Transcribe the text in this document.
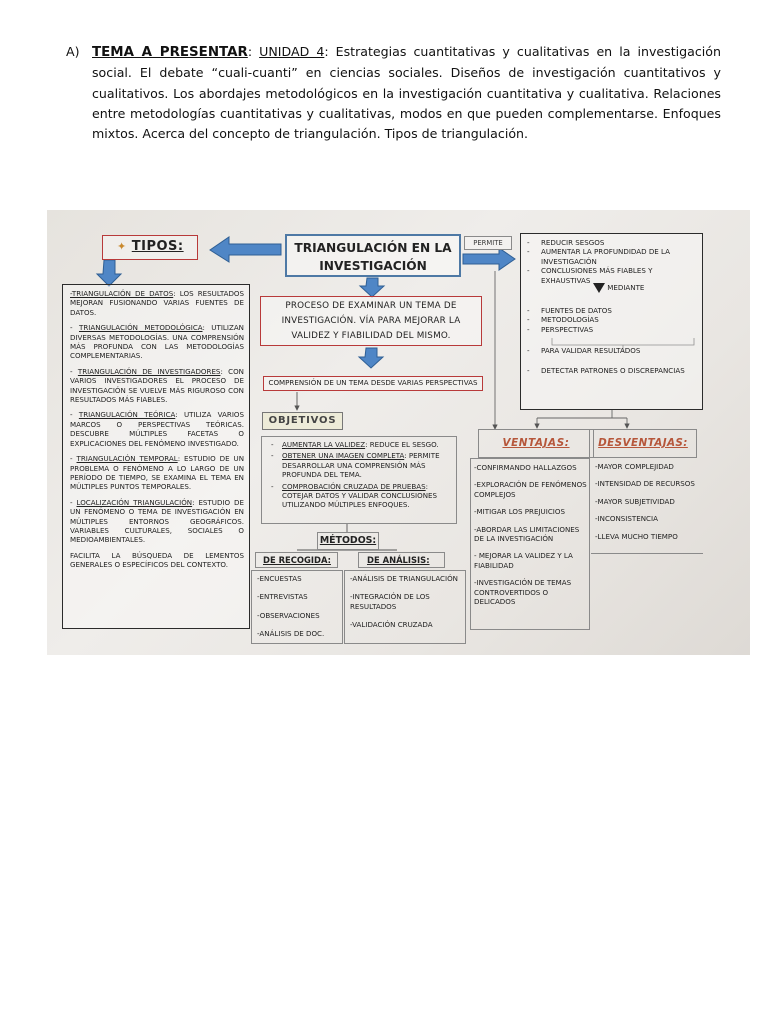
A) TEMA A PRESENTAR: UNIDAD 4: Estrategias cuantitativas y cualitativas en la investigación social. El debate “cuali-cuanti” en ciencias sociales. Diseños de investigación cuantitativos y cualitativos. Los abordajes metodológicos en la investigación cuantitativa y cualitativa. Relaciones entre metodologías cuantitativas y cualitativas, modos en que pueden complementarse. Enfoques mixtos. Acerca del concepto de triangulación. Tipos de triangulación.
TRIANGULACIÓN EN LA INVESTIGACIÓN
✦ TIPOS:	PERMITE
PROCESO DE EXAMINAR UN TEMA DE INVESTIGACIÓN. VÍA PARA MEJORAR LA VALIDEZ Y FIABILIDAD DEL MISMO.
COMPRENSIÓN DE UN TEMA DESDE VARIAS PERSPECTIVAS
OBJETIVOS
- AUMENTAR LA VALIDEZ: REDUCE EL SESGO.
- OBTENER UNA IMAGEN COMPLETA: PERMITE DESARROLLAR UNA COMPRENSIÓN MÁS PROFUNDA DEL TEMA.
- COMPROBACIÓN CRUZADA DE PRUEBAS: COTEJAR DATOS Y VALIDAR CONCLUSIONES UTILIZANDO MÚLTIPLES ENFOQUES.
MÉTODOS:
DE RECOGIDA:	DE ANÁLISIS:
-ENCUESTAS
-ENTREVISTAS
-OBSERVACIONES
-ANÁLISIS DE DOC.
-ANÁLISIS DE TRIANGULACIÓN
-INTEGRACIÓN DE LOS RESULTADOS
-VALIDACIÓN CRUZADA

-TRIANGULACIÓN DE DATOS: LOS RESULTADOS MEJORAN FUSIONANDO VARIAS FUENTES DE DATOS.

- TRIANGULACIÓN METODOLÓGICA: UTILIZAN DIVERSAS METODOLOGÍAS. UNA COMPRENSIÓN MÁS PROFUNDA CON LAS METODOLOGÍAS COMPLEMENTARIAS.

- TRIANGULACIÓN DE INVESTIGADORES: CON VARIOS INVESTIGADORES EL PROCESO DE INVESTIGACIÓN SE VUELVE MÁS RIGUROSO CON RESULTADOS MÁS FIABLES.

- TRIANGULACIÓN TEÓRICA: UTILIZA VARIOS MARCOS O PERSPECTIVAS TEÓRICAS. DESCUBRE MÚLTIPLES FACETAS O EXPLICACIONES DEL FENÓMENO INVESTIGADO.

- TRIANGULACIÓN TEMPORAL: ESTUDIO DE UN PROBLEMA O FENÓMENO A LO LARGO DE UN PERÍODO DE TIEMPO, SE EXAMINA EL TEMA EN MÚLTIPLES PUNTOS TEMPORALES.

- LOCALIZACIÓN TRIANGULACIÓN: ESTUDIO DE UN FENÓMENO O TEMA DE INVESTIGACIÓN EN MÚLTIPLES ENTORNOS GEOGRÁFICOS. VARIABLES CULTURALES, SOCIALES O MEDIOAMBIENTALES.

FACILITA LA BÚSQUEDA DE LEMENTOS GENERALES O ESPECÍFICOS DEL CONTEXTO.

- REDUCIR SESGOS
- AUMENTAR LA PROFUNDIDAD DE LA INVESTIGACIÓN
- CONCLUSIONES MÁS FIABLES Y EXHAUSTIVAS
MEDIANTE
- FUENTES DE DATOS
- METODOLOGÍAS
- PERSPECTIVAS
- PARA VALIDAR RESULTADOS
- DETECTAR PATRONES O DISCREPANCIAS
VENTAJAS:	DESVENTAJAS:
-CONFIRMANDO HALLAZGOS
-EXPLORACIÓN DE FENÓMENOS COMPLEJOS
-MITIGAR LOS PREJUICIOS
-ABORDAR LAS LIMITACIONES DE LA INVESTIGACIÓN
- MEJORAR LA VALIDEZ Y LA FIABILIDAD
-INVESTIGACIÓN DE TEMAS CONTROVERTIDOS O DELICADOS
-MAYOR COMPLEJIDAD
-INTENSIDAD DE RECURSOS
-MAYOR SUBJETIVIDAD
-INCONSISTENCIA
-LLEVA MUCHO TIEMPO
